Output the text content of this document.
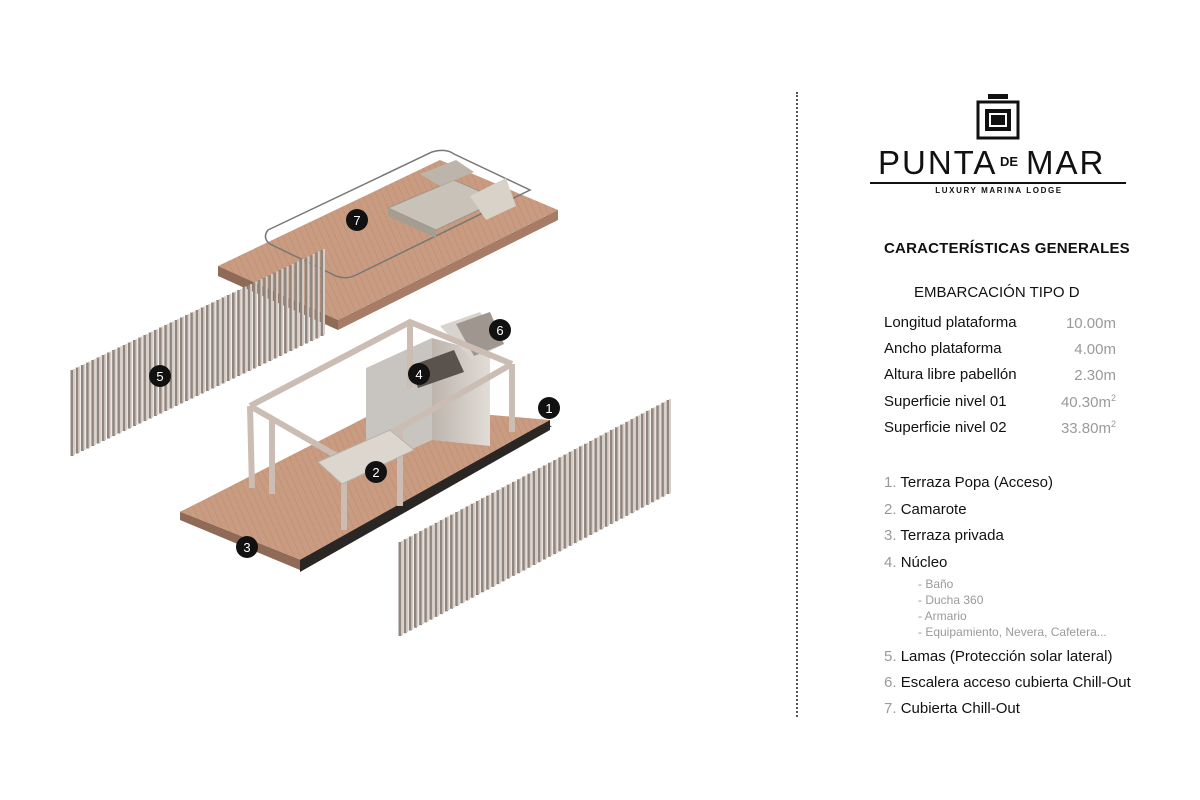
1
2
3
4
5
6
7
PUNTA DE MAR
LUXURY MARINA LODGE
CARACTERÍSTICAS GENERALES
EMBARCACIÓN TIPO D
Longitud plataforma	10.00m
Ancho plataforma	4.00m
Altura libre pabellón	2.30m
Superficie nivel 01	$40.30m^2$
Superficie nivel 02	$33.80m^2$
1. Terraza Popa (Acceso)
2. Camarote
3. Terraza privada
4. Núcleo
- Baño
- Ducha 360
- Armario
- Equipamiento, Nevera, Cafetera...
5. Lamas (Protección solar lateral)
6. Escalera acceso cubierta Chill-Out
7. Cubierta Chill-Out
